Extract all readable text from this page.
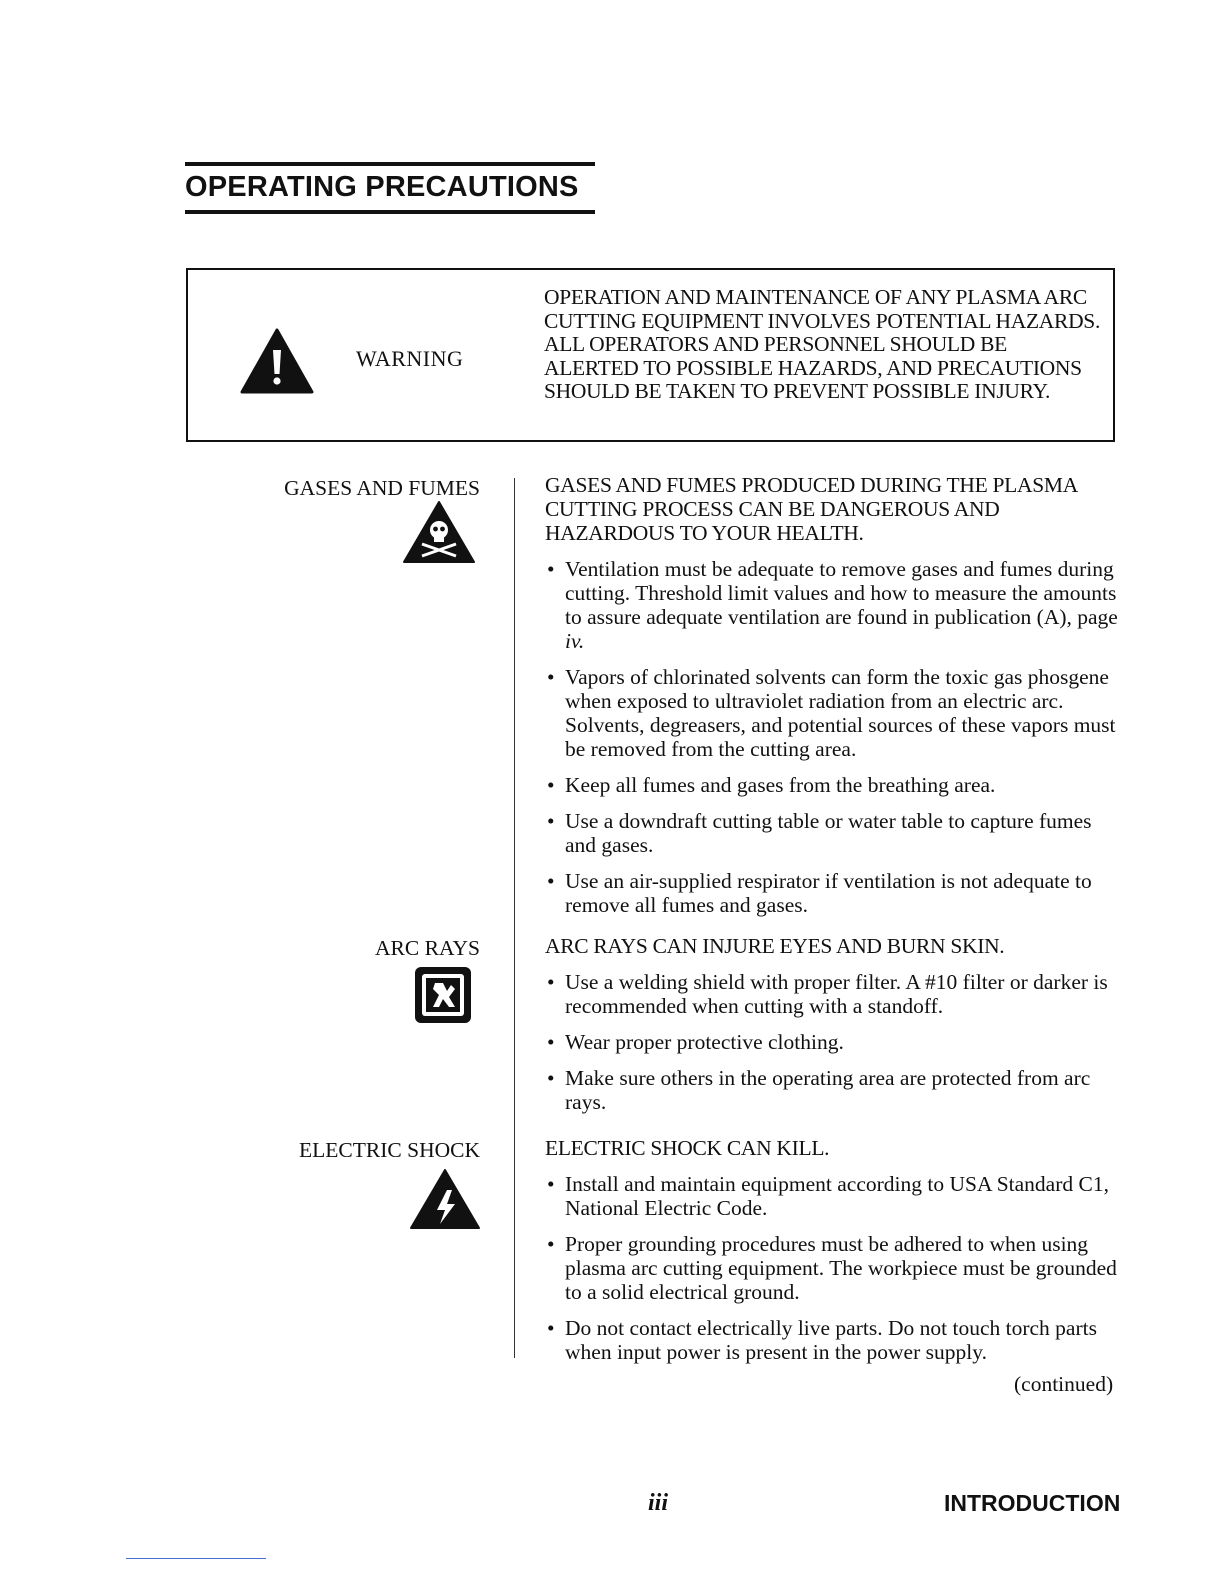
OPERATING PRECAUTIONS
WARNING
OPERATION AND MAINTENANCE OF ANY PLASMA ARC CUTTING EQUIPMENT INVOLVES POTENTIAL HAZARDS. ALL OPERATORS AND PERSONNEL SHOULD BE ALERTED TO POSSIBLE HAZARDS, AND PRECAUTIONS SHOULD BE TAKEN TO PREVENT POSSIBLE INJURY.
GASES AND FUMES	GASES AND FUMES PRODUCED DURING THE PLASMA CUTTING PROCESS CAN BE DANGEROUS AND HAZARDOUS TO YOUR HEALTH.
• Ventilation must be adequate to remove gases and fumes during cutting. Threshold limit values and how to measure the amounts to assure adequate ventilation are found in publication (A), page iv.
• Vapors of chlorinated solvents can form the toxic gas phosgene when exposed to ultraviolet radiation from an electric arc. Solvents, degreasers, and potential sources of these vapors must be removed from the cutting area.
• Keep all fumes and gases from the breathing area.
• Use a downdraft cutting table or water table to capture fumes and gases.
• Use an air-supplied respirator if ventilation is not adequate to remove all fumes and gases.
ARC RAYS	ARC RAYS CAN INJURE EYES AND BURN SKIN.
• Use a welding shield with proper filter. A #10 filter or darker is recommended when cutting with a standoff.
• Wear proper protective clothing.
• Make sure others in the operating area are protected from arc rays.
ELECTRIC SHOCK	ELECTRIC SHOCK CAN KILL.
• Install and maintain equipment according to USA Standard C1, National Electric Code.
• Proper grounding procedures must be adhered to when using plasma arc cutting equipment. The workpiece must be grounded to a solid electrical ground.
• Do not contact electrically live parts. Do not touch torch parts when input power is present in the power supply.
(continued)
iii	INTRODUCTION
